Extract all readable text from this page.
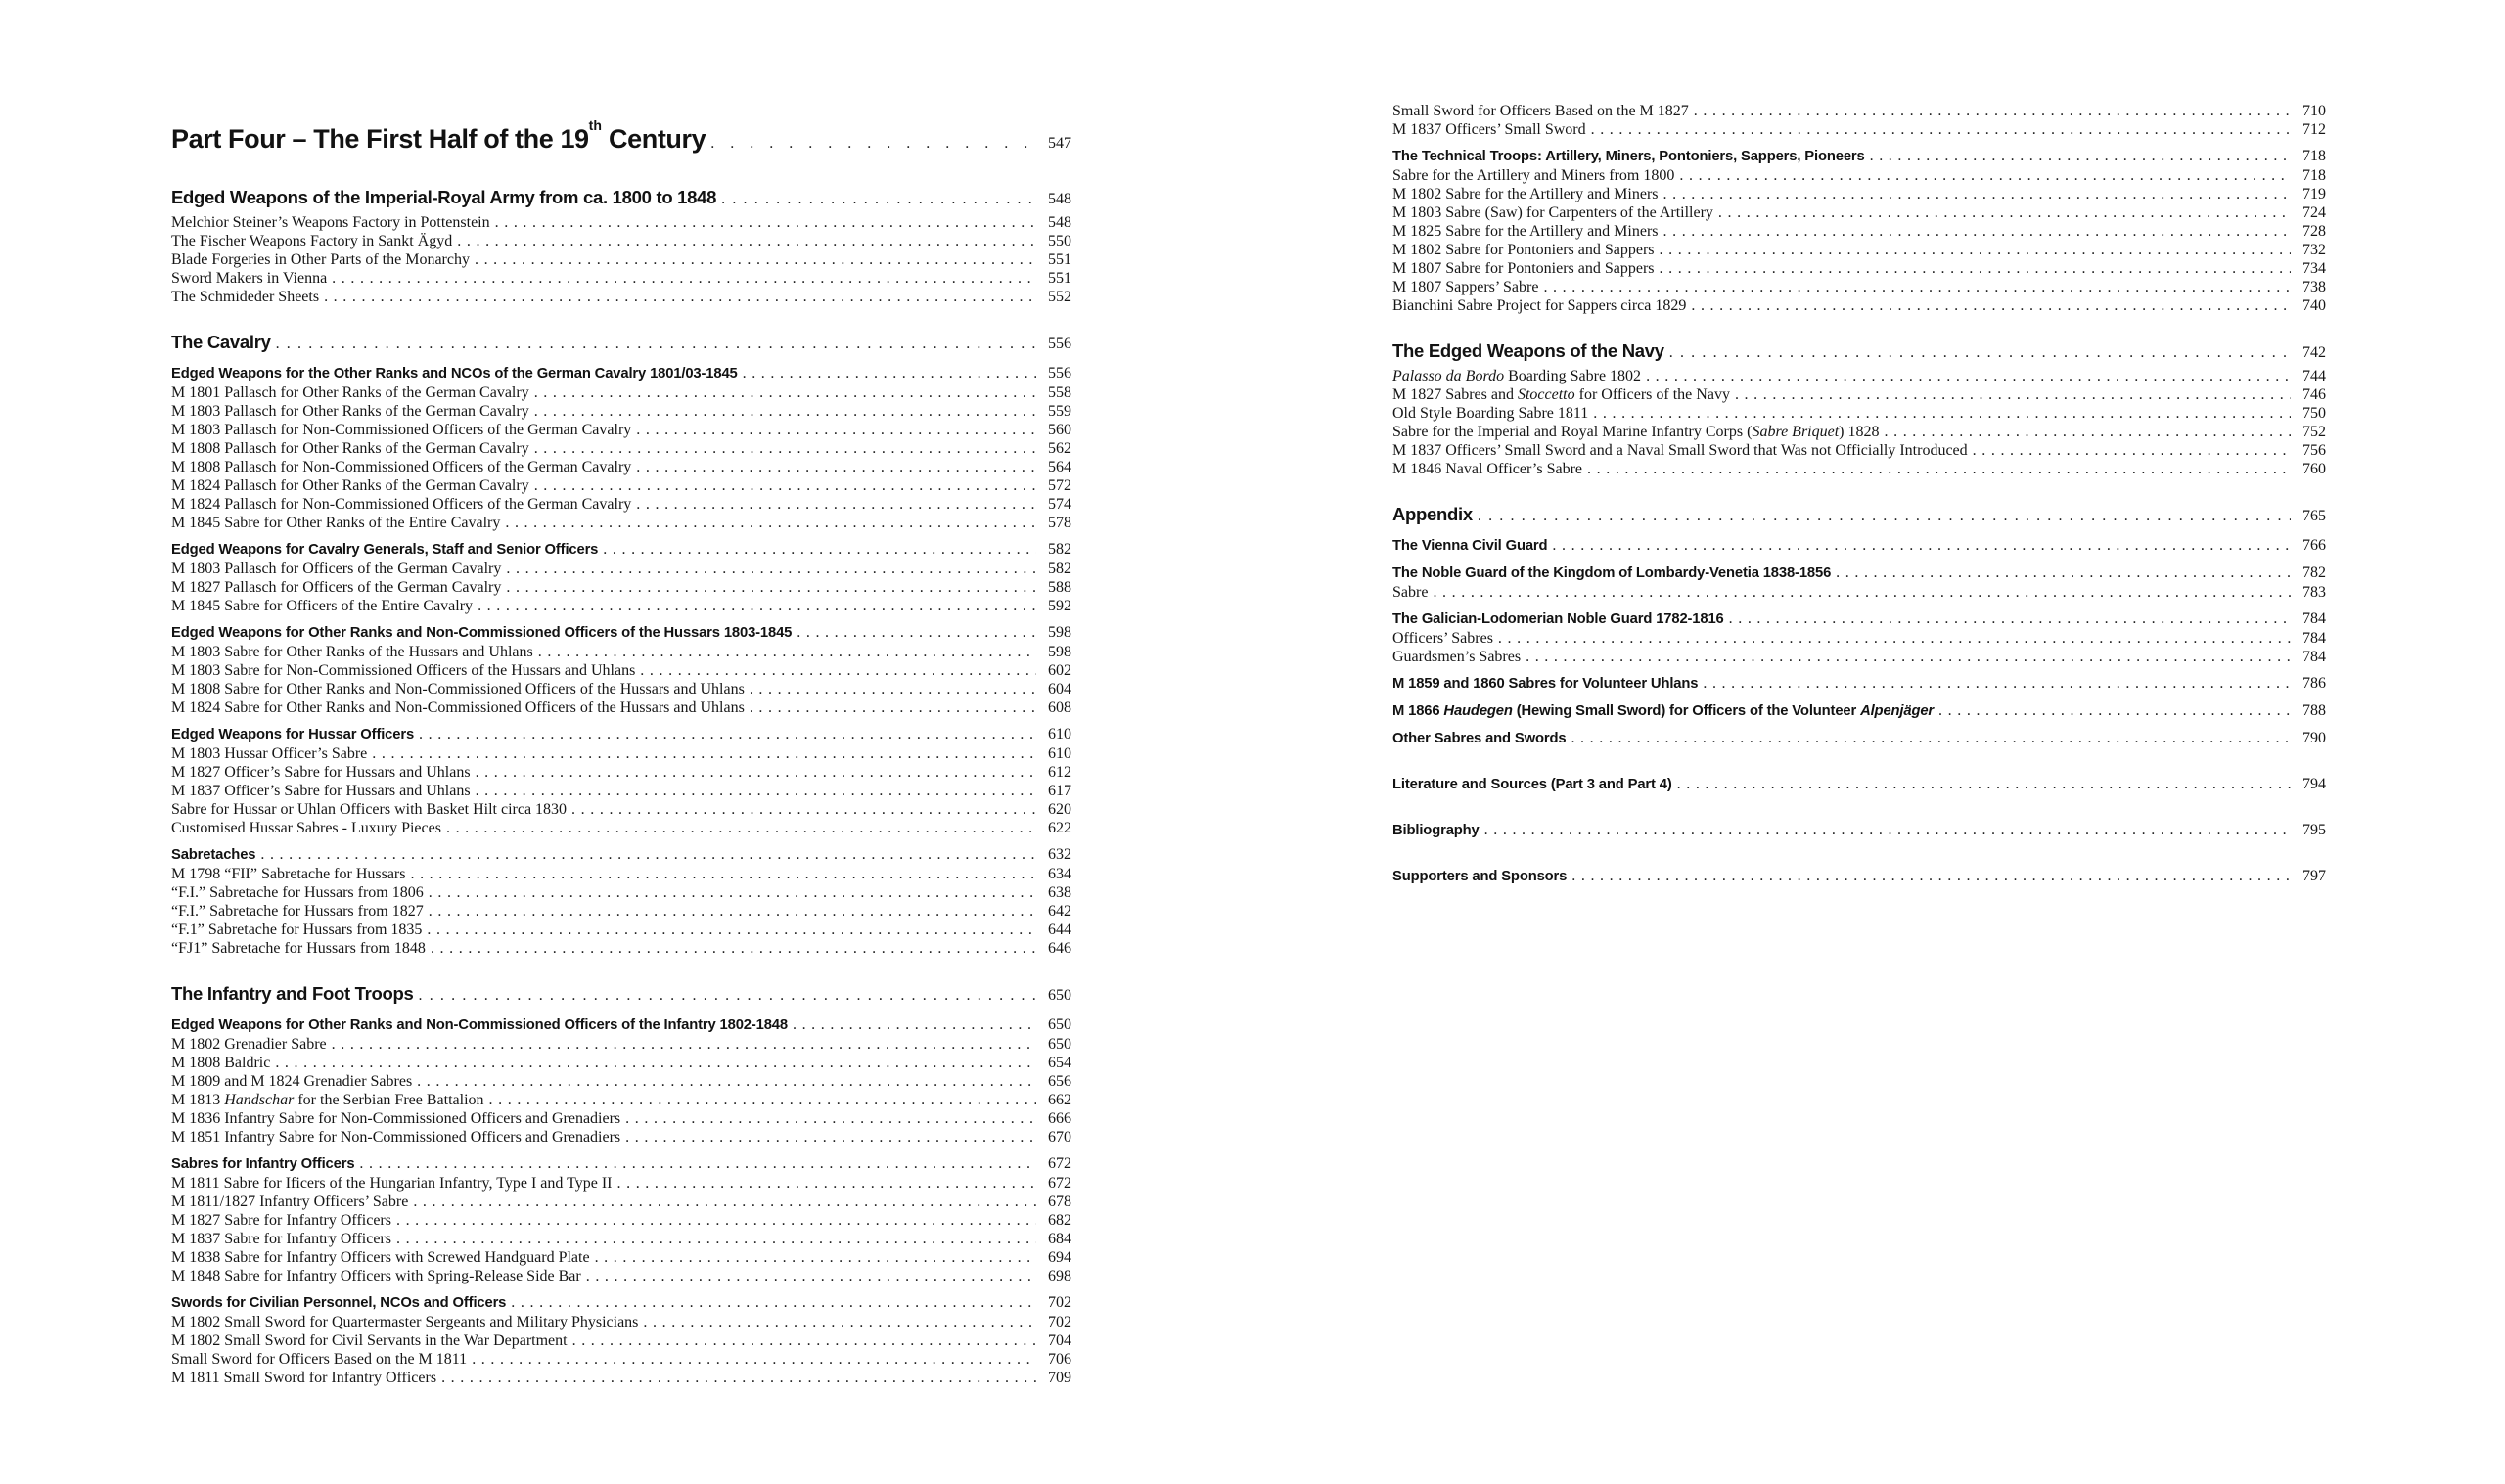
Part Four – The First Half of the 19th Century . . .	547
Edged Weapons of the Imperial-Royal Army from ca. 1800 to 1848 . . .	548
Melchior Steiner’s Weapons Factory in Pottenstein . . .	548
The Fischer Weapons Factory in Sankt Ägyd . . .	550
Blade Forgeries in Other Parts of the Monarchy . . .	551
Sword Makers in Vienna . . .	551
The Schmideder Sheets . . .	552
The Cavalry . . .	556
Edged Weapons for the Other Ranks and NCOs of the German Cavalry 1801/03-1845 . . .	556
M 1801 Pallasch for Other Ranks of the German Cavalry . . .	558
M 1803 Pallasch for Other Ranks of the German Cavalry . . .	559
M 1803 Pallasch for Non-Commissioned Officers of the German Cavalry . . .	560
M 1808 Pallasch for Other Ranks of the German Cavalry . . .	562
M 1808 Pallasch for Non-Commissioned Officers of the German Cavalry . . .	564
M 1824 Pallasch for Other Ranks of the German Cavalry . . .	572
M 1824 Pallasch for Non-Commissioned Officers of the German Cavalry . . .	574
M 1845 Sabre for Other Ranks of the Entire Cavalry . . .	578
Edged Weapons for Cavalry Generals, Staff and Senior Officers . . .	582
M 1803 Pallasch for Officers of the German Cavalry . . .	582
M 1827 Pallasch for Officers of the German Cavalry . . .	588
M 1845 Sabre for Officers of the Entire Cavalry . . .	592
Edged Weapons for Other Ranks and Non-Commissioned Officers of the Hussars 1803-1845 . . .	598
M 1803 Sabre for Other Ranks of the Hussars and Uhlans . . .	598
M 1803 Sabre for Non-Commissioned Officers of the Hussars and Uhlans . . .	602
M 1808 Sabre for Other Ranks and Non-Commissioned Officers of the Hussars and Uhlans . . .	604
M 1824 Sabre for Other Ranks and Non-Commissioned Officers of the Hussars and Uhlans . . .	608
Edged Weapons for Hussar Officers . . .	610
M 1803 Hussar Officer’s Sabre . . .	610
M 1827 Officer’s Sabre for Hussars and Uhlans . . .	612
M 1837 Officer’s Sabre for Hussars and Uhlans . . .	617
Sabre for Hussar or Uhlan Officers with Basket Hilt circa 1830 . . .	620
Customised Hussar Sabres - Luxury Pieces . . .	622
Sabretaches . . .	632
M 1798 “FII” Sabretache for Hussars . . .	634
“F.I.” Sabretache for Hussars from 1806 . . .	638
“F.I.” Sabretache for Hussars from 1827 . . .	642
“F.1” Sabretache for Hussars from 1835 . . .	644
“FJ1” Sabretache for Hussars from 1848 . . .	646
The Infantry and Foot Troops . . .	650
Edged Weapons for Other Ranks and Non-Commissioned Officers of the Infantry 1802-1848 . . .	650
M 1802 Grenadier Sabre . . .	650
M 1808 Baldric . . .	654
M 1809 and M 1824 Grenadier Sabres . . .	656
M 1813 Handschar for the Serbian Free Battalion . . .	662
M 1836 Infantry Sabre for Non-Commissioned Officers and Grenadiers . . .	666
M 1851 Infantry Sabre for Non-Commissioned Officers and Grenadiers . . .	670
Sabres for Infantry Officers . . .	672
M 1811 Sabre for Ificers of the Hungarian Infantry, Type I and Type II . . .	672
M 1811/1827 Infantry Officers’ Sabre . . .	678
M 1827 Sabre for Infantry Officers . . .	682
M 1837 Sabre for Infantry Officers . . .	684
M 1838 Sabre for Infantry Officers with Screwed Handguard Plate . . .	694
M 1848 Sabre for Infantry Officers with Spring-Release Side Bar . . .	698
Swords for Civilian Personnel, NCOs and Officers . . .	702
M 1802 Small Sword for Quartermaster Sergeants and Military Physicians . . .	702
M 1802 Small Sword for Civil Servants in the War Department . . .	704
Small Sword for Officers Based on the M 1811 . . .	706
M 1811 Small Sword for Infantry Officers . . .	709
Small Sword for Officers Based on the M 1827 . . .	710
M 1837 Officers’ Small Sword . . .	712
The Technical Troops: Artillery, Miners, Pontoniers, Sappers, Pioneers . . .	718
Sabre for the Artillery and Miners from 1800 . . .	718
M 1802 Sabre for the Artillery and Miners . . .	719
M 1803 Sabre (Saw) for Carpenters of the Artillery . . .	724
M 1825 Sabre for the Artillery and Miners . . .	728
M 1802 Sabre for Pontoniers and Sappers . . .	732
M 1807 Sabre for Pontoniers and Sappers . . .	734
M 1807 Sappers’ Sabre . . .	738
Bianchini Sabre Project for Sappers circa 1829 . . .	740
The Edged Weapons of the Navy . . .	742
Palasso da Bordo Boarding Sabre 1802 . . .	744
M 1827 Sabres and Stoccetto for Officers of the Navy . . .	746
Old Style Boarding Sabre 1811 . . .	750
Sabre for the Imperial and Royal Marine Infantry Corps (Sabre Briquet) 1828 . . .	752
M 1837 Officers’ Small Sword and a Naval Small Sword that Was not Officially Introduced . . .	756
M 1846 Naval Officer’s Sabre . . .	760
Appendix . . .	765
The Vienna Civil Guard . . .	766
The Noble Guard of the Kingdom of Lombardy-Venetia 1838-1856 . . .	782
Sabre . . .	783
The Galician-Lodomerian Noble Guard 1782-1816 . . .	784
Officers’ Sabres . . .	784
Guardsmen’s Sabres . . .	784
M 1859 and 1860 Sabres for Volunteer Uhlans . . .	786
M 1866 Haudegen (Hewing Small Sword) for Officers of the Volunteer Alpenjäger . . .	788
Other Sabres and Swords . . .	790
Literature and Sources (Part 3 and Part 4) . . .	794
Bibliography . . .	795
Supporters and Sponsors . . .	797
